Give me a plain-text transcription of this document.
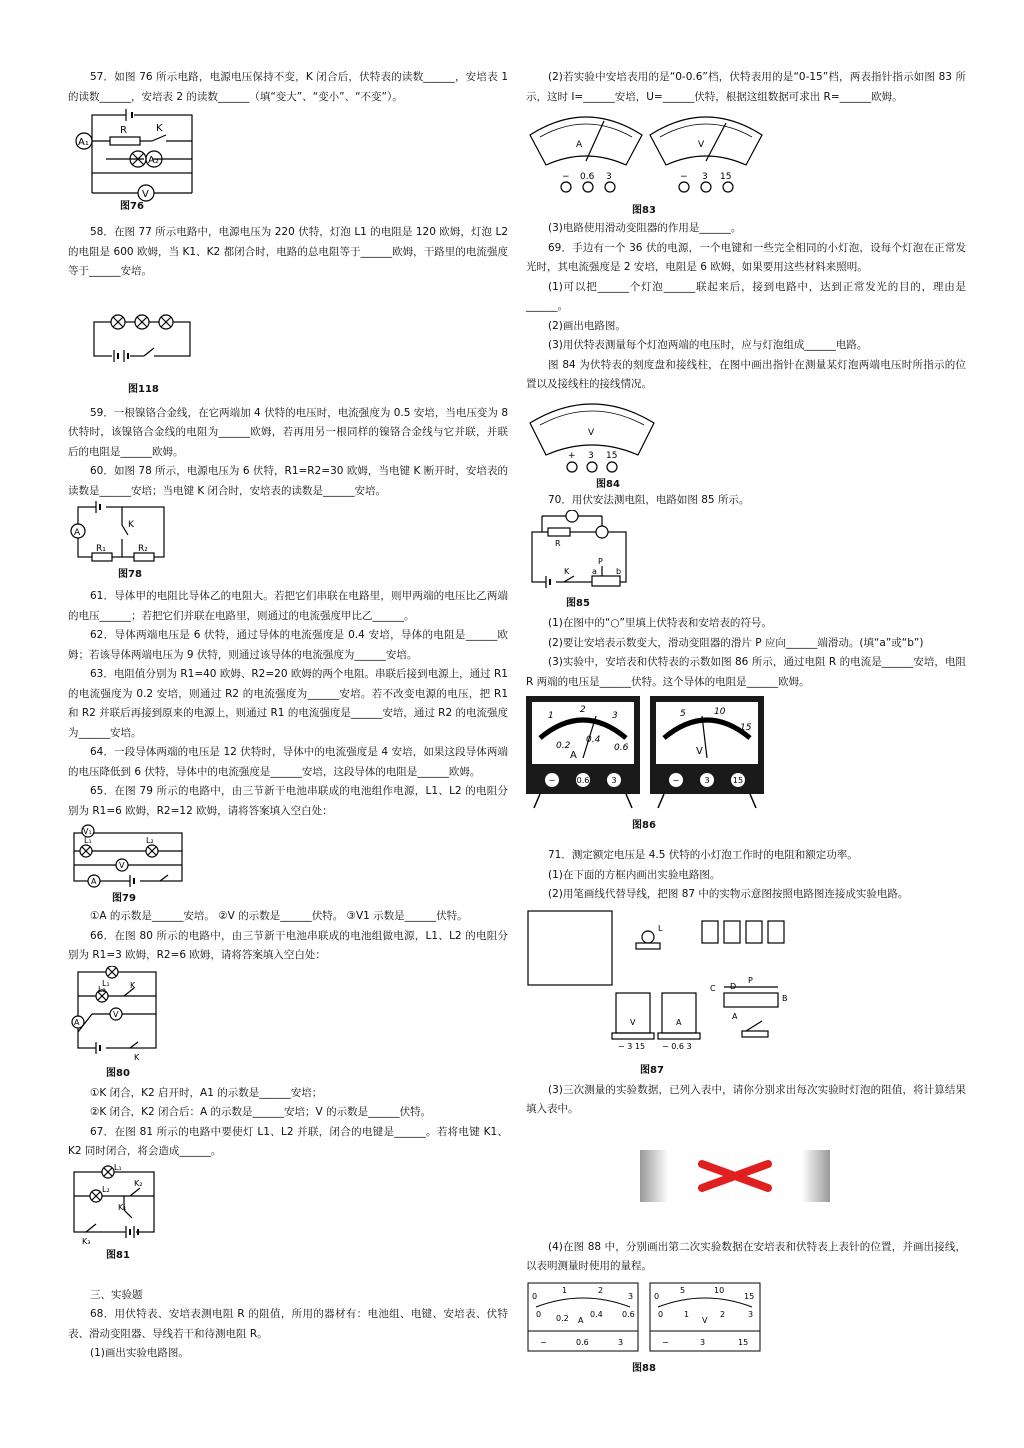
57．如图 76 所示电路，电源电压保持不变，K 闭合后，伏特表的读数______，安培表 1 的读数______，安培表 2 的读数______（填“变大”、“变小”、“不变”）。

A₁
R	K
A₂
V
图76

58．在图 77 所示电路中，电源电压为 220 伏特，灯泡 L1 的电阻是 120 欧姆，灯泡 L2 的电阻是 600 欧姆，当 K1、K2 都闭合时，电路的总电阻等于______欧姆，干路里的电流强度等于______安培。

图118

59．一根镍铬合金线，在它两端加 4 伏特的电压时，电流强度为 0.5 安培，当电压变为 8 伏特时，该镍铬合金线的电阻为______欧姆，若再用另一根同样的镍铬合金线与它并联，并联后的电阻是______欧姆。

60．如图 78 所示，电源电压为 6 伏特，R1=R2=30 欧姆，当电键 K 断开时，安培表的读数是______安培；当电键 K 闭合时，安培表的读数是______安培。

A
K
R₁	R₂
图78

61．导体甲的电阻比导体乙的电阻大。若把它们串联在电路里，则甲两端的电压比乙两端的电压______；若把它们并联在电路里，则通过的电流强度甲比乙______。

62．导体两端电压是 6 伏特，通过导体的电流强度是 0.4 安培，导体的电阻是______欧姆；若该导体两端电压为 9 伏特，则通过该导体的电流强度为______安培。

63．电阻值分别为 R1=40 欧姆、R2=20 欧姆的两个电阻。串联后接到电源上，通过 R1 的电流强度为 0.2 安培，则通过 R2 的电流强度为______安培。若不改变电源的电压，把 R1 和 R2 并联后再接到原来的电源上，则通过 R1 的电流强度是______安培，通过 R2 的电流强度为______安培。

64．一段导体两端的电压是 12 伏特时，导体中的电流强度是 4 安培，如果这段导体两端的电压降低到 6 伏特，导体中的电流强度是______安培，这段导体的电阻是______欧姆。

65．在图 79 所示的电路中，由三节新干电池串联成的电池组作电源，L1、L2 的电阻分别为 R1=6 欧姆，R2=12 欧姆，请将答案填入空白处：

V₁
L₁	L₂
V
A
图79

①A 的示数是______安培。 ②V 的示数是______伏特。 ③V1 示数是______伏特。

66．在图 80 所示的电路中，由三节新干电池串联成的电池组做电源，L1、L2 的电阻分别为 R1=3 欧姆，R2=6 欧姆，请将答案填入空白处：

L₁
L₂	K
A
V
K
图80

①K 闭合，K2 启开时，A1 的示数是______安培；

②K 闭合，K2 闭合后：A 的示数是______安培；V 的示数是______伏特。

67．在图 81 所示的电路中要使灯 L1、L2 并联，闭合的电键是______。若将电键 K1、K2 同时闭合，将会造成______。

L₁
L₂
K₂
K₁
K₃
图81

三、实验题

68．用伏特表、安培表测电阻 R 的阻值，所用的器材有：电池组、电键、安培表、伏特表、滑动变阻器、导线若干和待测电阻 R。

(1)画出实验电路图。

(2)若实验中安培表用的是“0-0.6”档，伏特表用的是“0-15”档，两表指针指示如图 83 所示，这时 I=______安培，U=______伏特，根据这组数据可求出 R=______欧姆。

A	V
− 0.6 3	− 3 15
图83

(3)电路使用滑动变阻器的作用是______。

69．手边有一个 36 伏的电源，一个电键和一些完全相同的小灯泡，设每个灯泡在正常发光时，其电流强度是 2 安培，电阻是 6 欧姆，如果要用这些材料来照明。

(1)可以把______个灯泡______联起来后，接到电路中，达到正常发光的目的，理由是______。

(2)画出电路图。

(3)用伏特表测量每个灯泡两端的电压时，应与灯泡组成______电路。

图 84 为伏特表的刻度盘和接线柱，在图中画出指针在测量某灯泡两端电压时所指示的位置以及接线柱的接线情况。

V
+ 3 15
图84

70．用伏安法测电阻，电路如图 85 所示。

R
K
P
a b
图85

(1)在图中的“○”里填上伏特表和安培表的符号。

(2)要让安培表示数变大，滑动变阻器的滑片 P 应向______端滑动。(填“a”或“b”)

(3)实验中，安培表和伏特表的示数如图 86 所示，通过电阻 R 的电流是______安培，电阻 R 两端的电压是______伏特。这个导体的电阻是______欧姆。

1
2
3
0.2
0.4
0.6
5	10
15
A	V
−	0.6	3	−	3	15
图86

71．测定额定电压是 4.5 伏特的小灯泡工作时的电阻和额定功率。

(1)在下面的方框内画出实验电路图。

(2)用笔画线代替导线，把图 87 中的实物示意图按照电路图连接成实验电路。

L
P
C D
B
A
V	A
− 3 15 − 0.6 3
图87

(3)三次测量的实验数据，已列入表中，请你分别求出每次实验时灯泡的阻值，将计算结果填入表中。

(4)在图 88 中，分别画出第二次实验数据在安培表和伏特表上表针的位置，并画出接线，以表明测量时使用的量程。

0
1	2
3
0 0.2	0.4 0.6
A
−	0.6	3
0
5	10
15
0	1	2	3
V
−	3	15
图88
